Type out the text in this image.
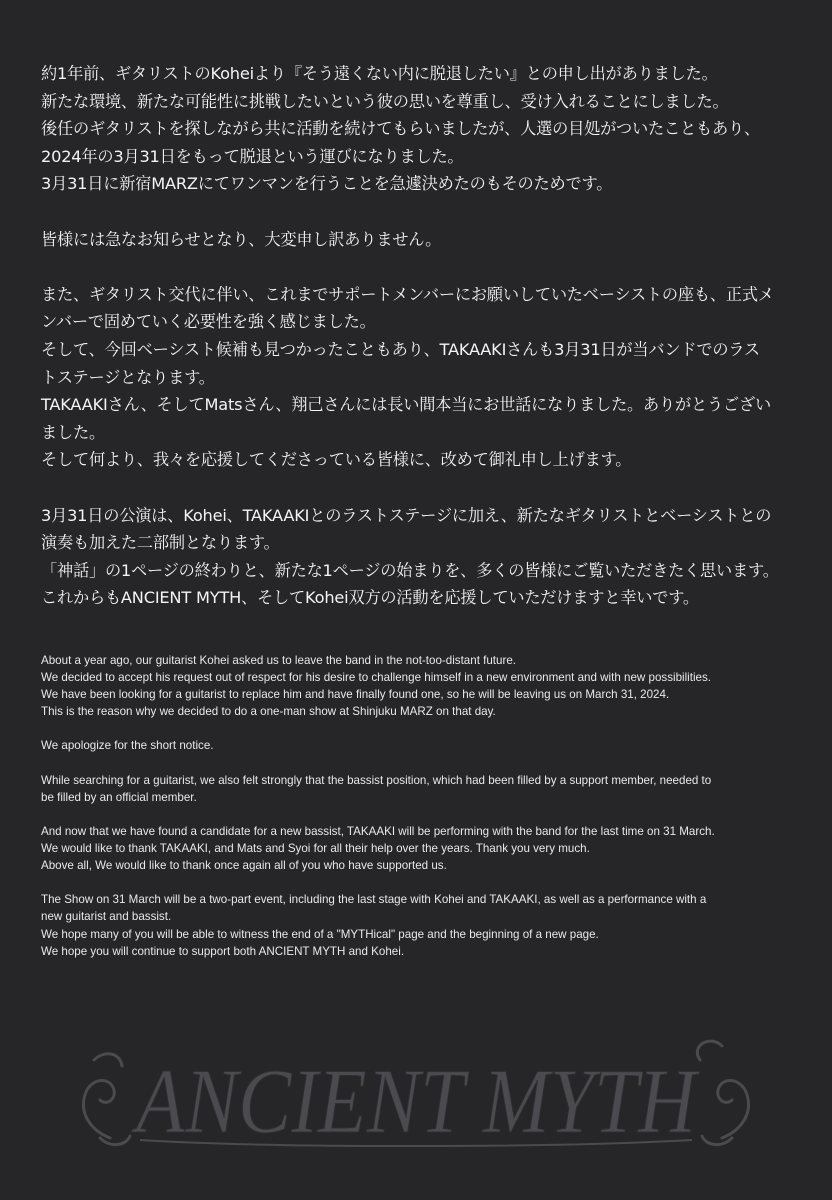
約1年前、ギタリストのKoheiより『そう遠くない内に脱退したい』との申し出がありました。

新たな環境、新たな可能性に挑戦したいという彼の思いを尊重し、受け入れることにしました。

後任のギタリストを探しながら共に活動を続けてもらいましたが、人選の目処がついたこともあり、

2024年の3月31日をもって脱退という運びになりました。

3月31日に新宿MARZにてワンマンを行うことを急遽決めたのもそのためです。

皆様には急なお知らせとなり、大変申し訳ありません。

また、ギタリスト交代に伴い、これまでサポートメンバーにお願いしていたベーシストの座も、正式メ

ンバーで固めていく必要性を強く感じました。

そして、今回ベーシスト候補も見つかったこともあり、TAKAAKIさんも3月31日が当バンドでのラス

トステージとなります。

TAKAAKIさん、そしてMatsさん、翔己さんには長い間本当にお世話になりました。ありがとうござい

ました。

そして何より、我々を応援してくださっている皆様に、改めて御礼申し上げます。

3月31日の公演は、Kohei、TAKAAKIとのラストステージに加え、新たなギタリストとベーシストとの

演奏も加えた二部制となります。

「神話」の1ページの終わりと、新たな1ページの始まりを、多くの皆様にご覧いただきたく思います。

これからもANCIENT MYTH、そしてKohei双方の活動を応援していただけますと幸いです。

About a year ago, our guitarist Kohei asked us to leave the band in the not-too-distant future.

We decided to accept his request out of respect for his desire to challenge himself in a new environment and with new possibilities.

We have been looking for a guitarist to replace him and have finally found one, so he will be leaving us on March 31, 2024.

This is the reason why we decided to do a one-man show at Shinjuku MARZ on that day.

We apologize for the short notice.

While searching for a guitarist, we also felt strongly that the bassist position, which had been filled by a support member, needed to

be filled by an official member.

And now that we have found a candidate for a new bassist, TAKAAKI will be performing with the band for the last time on 31 March.

We would like to thank TAKAAKI, and Mats and Syoi for all their help over the years. Thank you very much.

Above all, We would like to thank once again all of you who have supported us.

The Show on 31 March will be a two-part event, including the last stage with Kohei and TAKAAKI, as well as a performance with a

new guitarist and bassist.

We hope many of you will be able to witness the end of a "MYTHical" page and the beginning of a new page.

We hope you will continue to support both ANCIENT MYTH and Kohei.

ANCIENT MYTH
